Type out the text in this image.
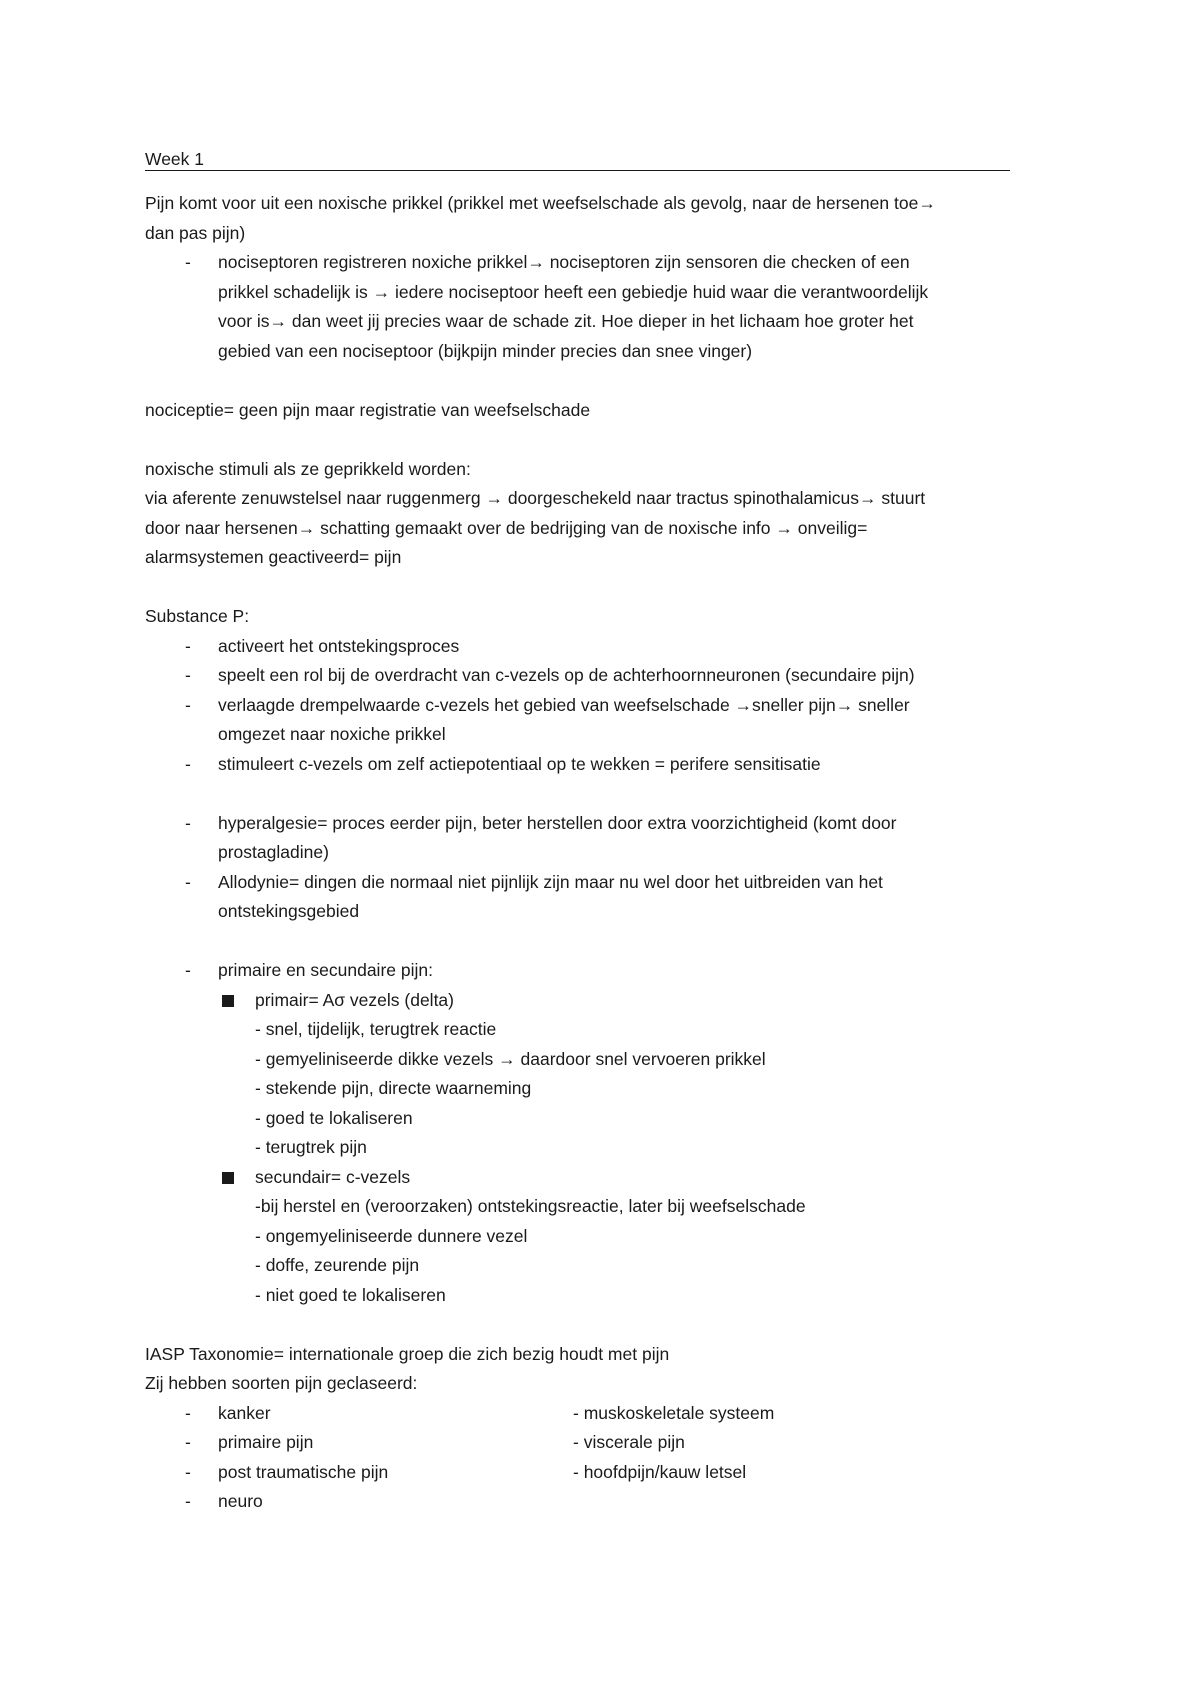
Week 1

Pijn komt voor uit een noxische prikkel (prikkel met weefselschade als gevolg, naar de hersenen toe→

dan pas pijn)

- nociseptoren registreren noxiche prikkel→ nociseptoren zijn sensoren die checken of een
prikkel schadelijk is → iedere nociseptoor heeft een gebiedje huid waar die verantwoordelijk
voor is→ dan weet jij precies waar de schade zit. Hoe dieper in het lichaam hoe groter het
gebied van een nociseptoor (bijkpijn minder precies dan snee vinger)

nociceptie= geen pijn maar registratie van weefselschade

noxische stimuli als ze geprikkeld worden:

via aferente zenuwstelsel naar ruggenmerg → doorgeschekeld naar tractus spinothalamicus→ stuurt

door naar hersenen→ schatting gemaakt over de bedrijging van de noxische info → onveilig=

alarmsystemen geactiveerd= pijn

Substance P:

- activeert het ontstekingsproces

- speelt een rol bij de overdracht van c-vezels op de achterhoornneuronen (secundaire pijn)

- verlaagde drempelwaarde c-vezels het gebied van weefselschade →sneller pijn→ sneller
omgezet naar noxiche prikkel

- stimuleert c-vezels om zelf actiepotentiaal op te wekken = perifere sensitisatie

- hyperalgesie= proces eerder pijn, beter herstellen door extra voorzichtigheid (komt door
prostagladine)

- Allodynie= dingen die normaal niet pijnlijk zijn maar nu wel door het uitbreiden van het
ontstekingsgebied

- primaire en secundaire pijn:

primair= Aσ vezels (delta)

- snel, tijdelijk, terugtrek reactie

- gemyeliniseerde dikke vezels → daardoor snel vervoeren prikkel

- stekende pijn, directe waarneming

- goed te lokaliseren

- terugtrek pijn

secundair= c-vezels

-bij herstel en (veroorzaken) ontstekingsreactie, later bij weefselschade

- ongemyeliniseerde dunnere vezel

- doffe, zeurende pijn

- niet goed te lokaliseren

IASP Taxonomie= internationale groep die zich bezig houdt met pijn

Zij hebben soorten pijn geclaseerd:

- kanker	- muskoskeletale systeem
- primaire pijn	- viscerale pijn
- post traumatische pijn	- hoofdpijn/kauw letsel
- neuro
